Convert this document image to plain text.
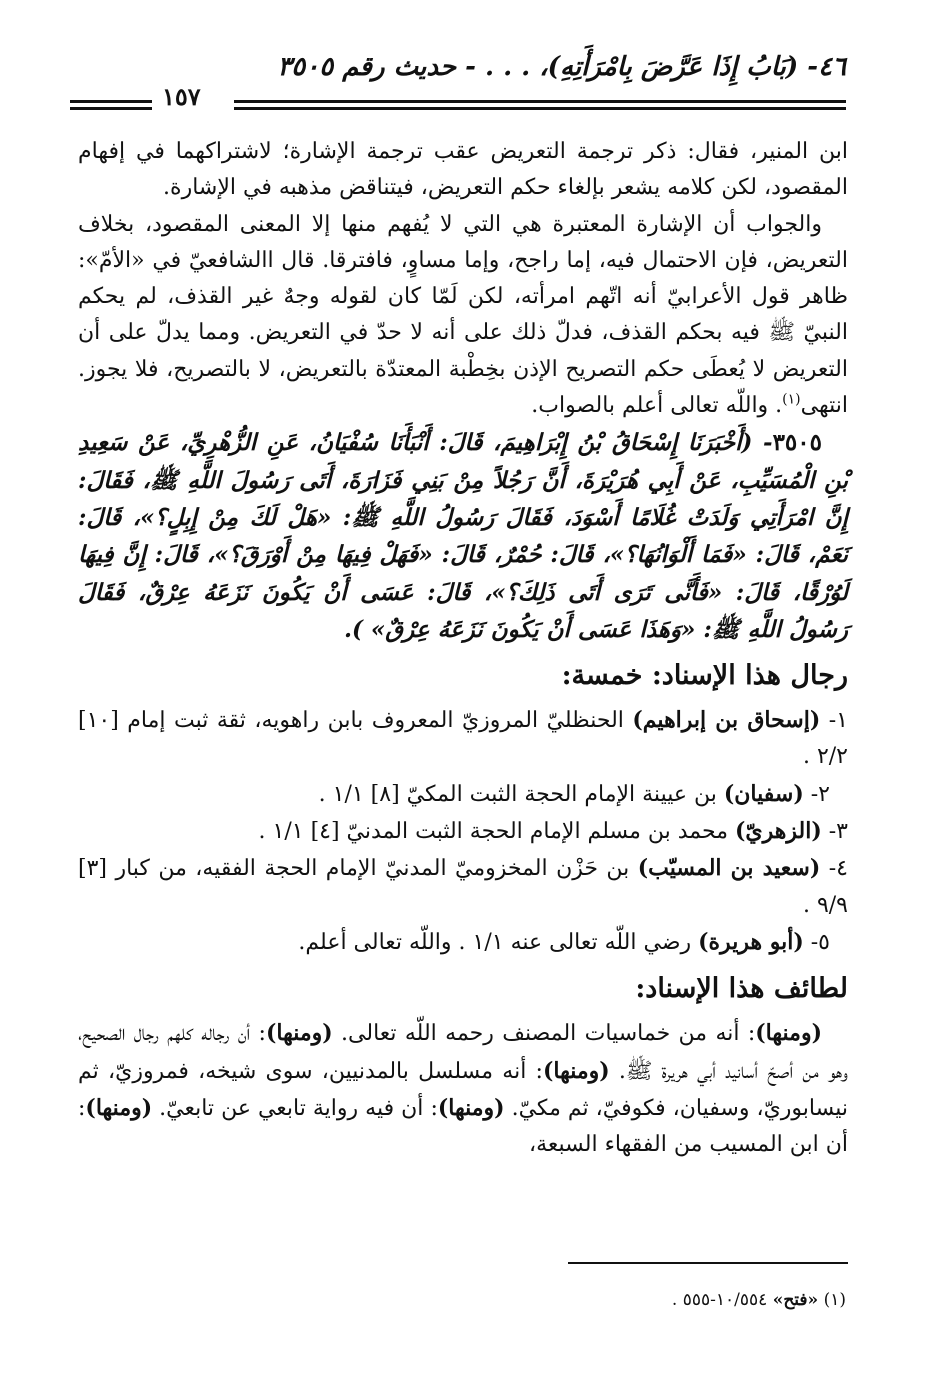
٤٦- (بَابُ إِذَا عَرَّضَ بِامْرَأَتِهِ)، . . . - حديث رقم ٣٥٠٥
١٥٧

ابن المنير، فقال: ذكر ترجمة التعريض عقب ترجمة الإشارة؛ لاشتراكهما في إفهام المقصود، لكن كلامه يشعر بإلغاء حكم التعريض، فيتناقض مذهبه في الإشارة.

والجواب أن الإشارة المعتبرة هي التي لا يُفهم منها إلا المعنى المقصود، بخلاف التعريض، فإن الاحتمال فيه، إما راجح، وإما مساوٍ، فافترقا. قال االشافعيّ في «الأمّ»: ظاهر قول الأعرابيّ أنه اتّهم امرأته، لكن لَمّا كان لقوله وجهٌ غير القذف، لم يحكم النبيّ ﷺ فيه بحكم القذف، فدلّ ذلك على أنه لا حدّ في التعريض. ومما يدلّ على أن التعريض لا يُعطَى حكم التصريح الإذن بخِطْبة المعتدّة بالتعريض، لا بالتصريح، فلا يجوز. انتهى$^{(١)}$. واللّه تعالى أعلم بالصواب.

٣٥٠٥- (أَخْبَرَنَا إِسْحَاقُ بْنُ إِبْرَاهِيمَ، قَالَ: أَنْبَأَنَا سُفْيَانُ، عَنِ الزُّهْرِيِّ، عَنْ سَعِيدِ بْنِ الْمُسَيِّبِ، عَنْ أَبِي هُرَيْرَةَ، أَنَّ رَجُلاً مِنْ بَنِي فَزَارَةَ، أَتَى رَسُولَ اللَّهِ ﷺ، فَقَالَ: إِنَّ امْرَأَتِي وَلَدَتْ غُلَامًا أَسْوَدَ، فَقَالَ رَسُولُ اللَّهِ ﷺ: «هَلْ لَكَ مِنْ إِبِلٍ؟»، قَالَ: نَعَمْ، قَالَ: «فَمَا أَلْوَانُهَا؟»، قَالَ: حُمْرٌ، قَالَ: «فَهَلْ فِيهَا مِنْ أَوْرَقَ؟»، قَالَ: إِنَّ فِيهَا لَوُرْقًا، قَالَ: «فَأَنَّى تَرَى أَتَى ذَلِكَ؟»، قَالَ: عَسَى أَنْ يَكُونَ نَزَعَهُ عِرْقٌ، فَقَالَ رَسُولُ اللَّهِ ﷺ: «وَهَذَا عَسَى أَنْ يَكُونَ نَزَعَهُ عِرْقٌ» ).

رجال هذا الإسناد: خمسة:

١- (إسحاق بن إبراهيم) الحنظليّ المروزيّ المعروف بابن راهويه، ثقة ثبت إمام [١٠] ٢/٢ .

٢- (سفيان) بن عيينة الإمام الحجة الثبت المكيّ [٨] ١/١ .

٣- (الزهريّ) محمد بن مسلم الإمام الحجة الثبت المدنيّ [٤] ١/١ .

٤- (سعيد بن المسيّب) بن حَزْن المخزوميّ المدنيّ الإمام الحجة الفقيه، من كبار [٣] ٩/٩ .

٥- (أبو هريرة) رضي اللّه تعالى عنه ١/١ . واللّه تعالى أعلم.

لطائف هذا الإسناد:

(ومنها): أنه من خماسيات المصنف رحمه اللّه تعالى. (ومنها): أن رجاله كلهم رجال الصحيح، وهو من أصحّ أسانيد أبي هريرة ﷺ. (ومنها): أنه مسلسل بالمدنيين، سوى شيخه، فمروزيّ، ثم نيسابوريّ، وسفيان، فكوفيّ، ثم مكيّ. (ومنها): أن فيه رواية تابعي عن تابعيّ. (ومنها): أن ابن المسيب من الفقهاء السبعة،

(١) «فتح» ١٠/٥٥٤-٥٥٥ .
